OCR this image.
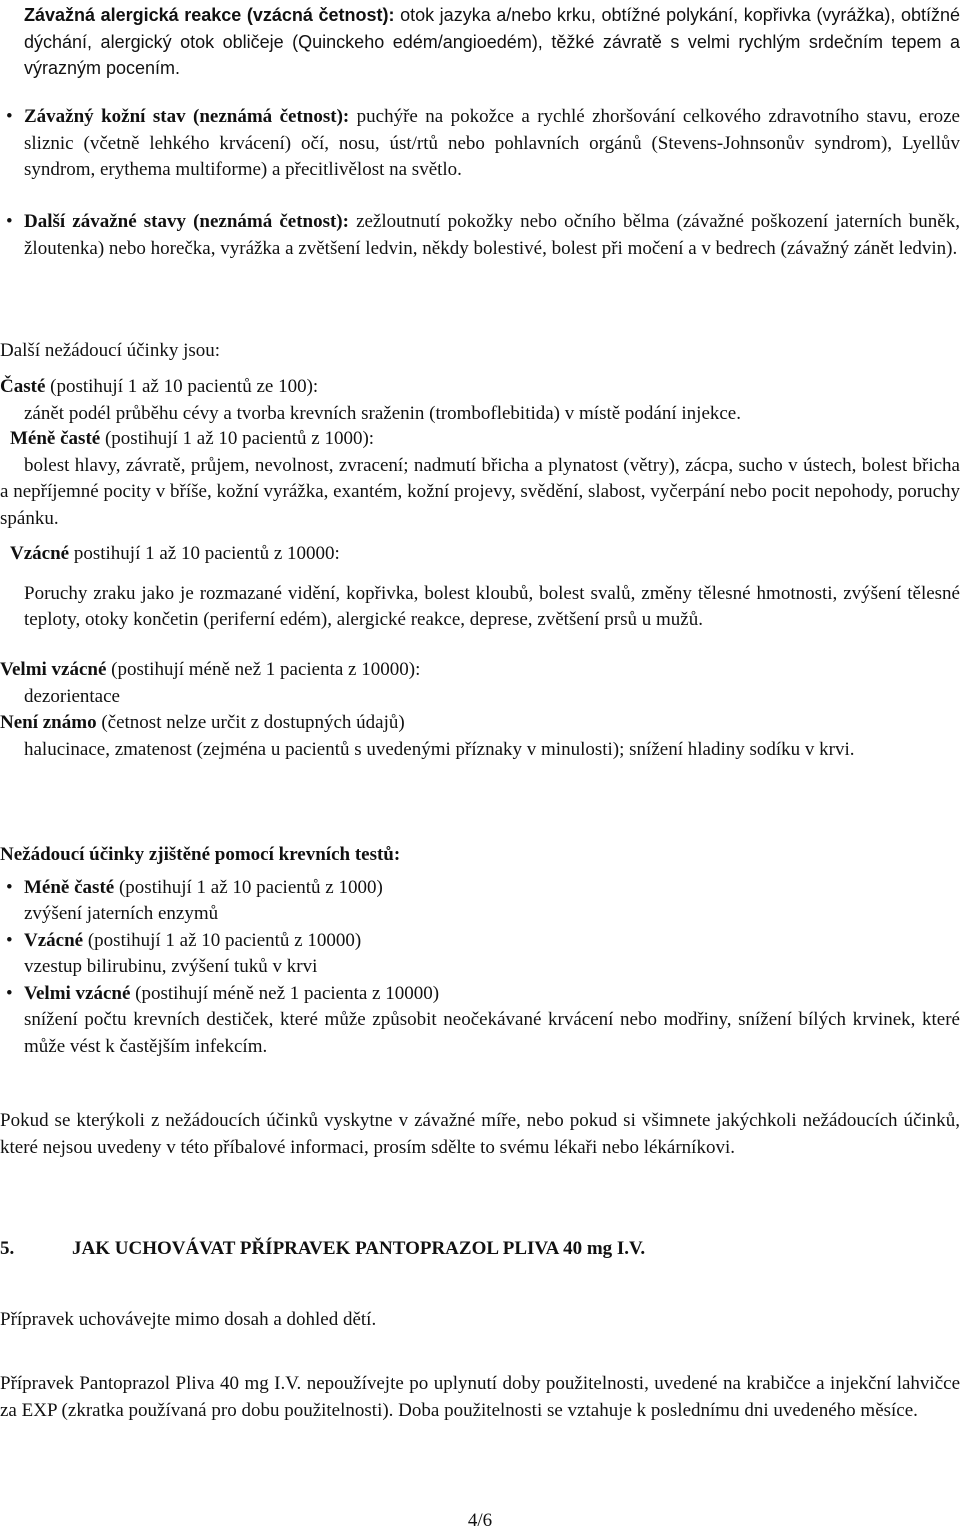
Závažná alergická reakce (vzácná četnost): otok jazyka a/nebo krku, obtížné polykání, kopřivka (vyrážka), obtížné dýchání, alergický otok obličeje (Quinckeho edém/angioedém), těžké závratě s velmi rychlým srdečním tepem a výrazným pocením.

• Závažný kožní stav (neznámá četnost): puchýře na pokožce a rychlé zhoršování celkového zdravotního stavu, eroze sliznic (včetně lehkého krvácení) očí, nosu, úst/rtů nebo pohlavních orgánů (Stevens-Johnsonův syndrom), Lyellův syndrom, erythema multiforme) a přecitlivělost na světlo.

• Další závažné stavy (neznámá četnost): zežloutnutí pokožky nebo očního bělma (závažné poškození jaterních buněk, žloutenka) nebo horečka, vyrážka a zvětšení ledvin, někdy bolestivé, bolest při močení a v bedrech (závažný zánět ledvin).

Další nežádoucí účinky jsou:

Časté (postihují 1 až 10 pacientů ze 100):

zánět podél průběhu cévy a tvorba krevních sraženin (tromboflebitida) v místě podání injekce.

Méně časté (postihují 1 až 10 pacientů z 1000):

bolest hlavy, závratě, průjem, nevolnost, zvracení; nadmutí břicha a plynatost (větry), zácpa, sucho v ústech, bolest břicha a nepříjemné pocity v bříše, kožní vyrážka, exantém, kožní projevy, svědění, slabost, vyčerpání nebo pocit nepohody, poruchy spánku.

Vzácné postihují 1 až 10 pacientů z 10000:

Poruchy zraku jako je rozmazané vidění, kopřivka, bolest kloubů, bolest svalů, změny tělesné hmotnosti, zvýšení tělesné teploty, otoky končetin (periferní edém), alergické reakce, deprese, zvětšení prsů u mužů.

Velmi vzácné (postihují méně než 1 pacienta z 10000):

dezorientace

Není známo (četnost nelze určit z dostupných údajů)

halucinace, zmatenost (zejména u pacientů s uvedenými příznaky v minulosti); snížení hladiny sodíku v krvi.

Nežádoucí účinky zjištěné pomocí krevních testů:

• Méně časté (postihují 1 až 10 pacientů z 1000)

zvýšení jaterních enzymů

• Vzácné (postihují 1 až 10 pacientů z 10000)

vzestup bilirubinu, zvýšení tuků v krvi

• Velmi vzácné (postihují méně než 1 pacienta z 10000)

snížení počtu krevních destiček, které může způsobit neočekávané krvácení nebo modřiny, snížení bílých krvinek, které může vést k častějším infekcím.

Pokud se kterýkoli z nežádoucích účinků vyskytne v závažné míře, nebo pokud si všimnete jakýchkoli nežádoucích účinků, které nejsou uvedeny v této příbalové informaci, prosím sdělte to svému lékaři nebo lékárníkovi.

5.	JAK UCHOVÁVAT PŘÍPRAVEK PANTOPRAZOL PLIVA 40 mg I.V.

Přípravek uchovávejte mimo dosah a dohled dětí.

Přípravek Pantoprazol Pliva 40 mg I.V. nepoužívejte po uplynutí doby použitelnosti, uvedené na krabičce a injekční lahvičce za EXP (zkratka používaná pro dobu použitelnosti). Doba použitelnosti se vztahuje k poslednímu dni uvedeného měsíce.

4/6
